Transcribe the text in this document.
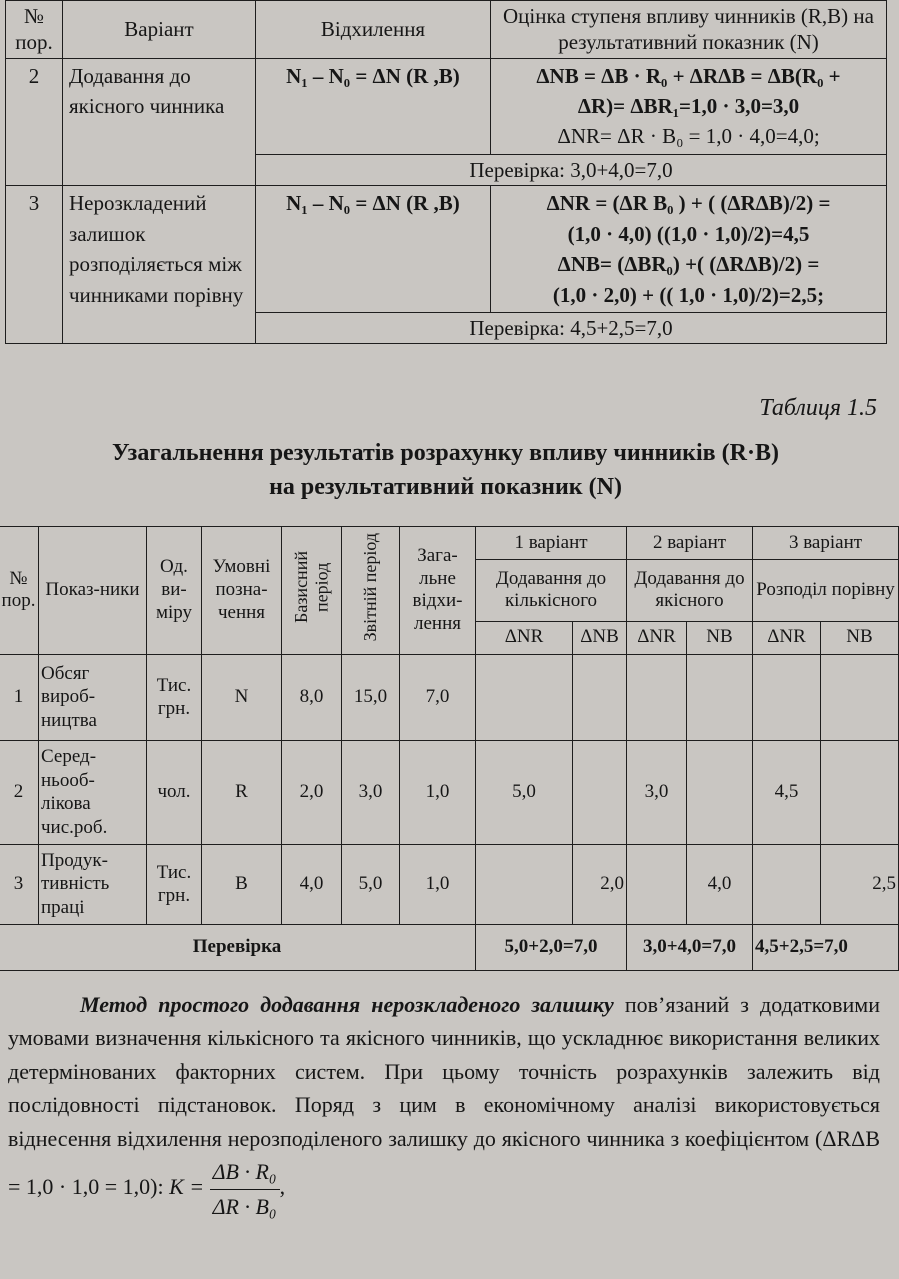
№ пор.	Варіант	Відхилення	Оцінка ступеня впливу чинників (R,B) на результативний показник (N)
2	Додавання до якісного чинника	N₁ – N₀ = ΔN (R ,B)	ΔNB = ΔB · R₀ + ΔRΔB = ΔB(R₀ +
ΔR)= ΔBR₁=1,0 · 3,0=3,0
ΔNR= ΔR · B₀ = 1,0 · 4,0=4,0;

		Перевірка: 3,0+4,0=7,0	
3	Нерозкладений залишок розподіляється між чинниками порівну	N₁ – N₀ = ΔN (R ,B)	ΔNR = (ΔR B₀ ) + ( (ΔRΔB)/2) =
(1,0 · 4,0) ((1,0 · 1,0)/2)=4,5
ΔNB= (ΔBR₀) +( (ΔRΔB)/2) =
(1,0 · 2,0) + (( 1,0 · 1,0)/2)=2,5;

		Перевірка: 4,5+2,5=7,0	
Таблиця 1.5
Узагальнення результатів розрахунку впливу чинників (R·B)
на результативний показник (N)
№ пор.	Показ-ники	Од. ви-міру	Умовні позна-чення	Базисний період	Звітній період	Зага-льне відхи-лення	1 варіант		2 варіант		3 варіант	
							Додавання до кількісного		Додавання до якісного		Розподіл порівну	
							ΔNR	ΔNB	ΔNR	NB	ΔNR	NB
1	Обсяг вироб-ництва	Тис. грн.	N	8,0	15,0	7,0						
2	Серед-ньооб-лікова чис.роб.	чол.	R	2,0	3,0	1,0	5,0		3,0		4,5	
3	Продук-тивність праці	Тис. грн.	B	4,0	5,0	1,0		2,0		4,0		2,5
Перевірка							5,0+2,0=7,0		3,0+4,0=7,0		4,5+2,5=7,0	
Метод простого додавання нерозкладеного залишку пов’язаний з додатковими умовами визначення кількісного та якісного чинників, що ускладнює використання великих детермінованих факторних систем. При цьому точність розрахунків залежить від послідовності підстановок. Поряд з цим в економічному аналізі використовується віднесення відхилення нерозподіленого залишку до якісного чинника з коефіцієнтом (ΔRΔB = 1,0 · 1,0 = 1,0): $K = \frac{\text{ΔB · R₀}}{\text{ΔR · B₀}}$ ,
